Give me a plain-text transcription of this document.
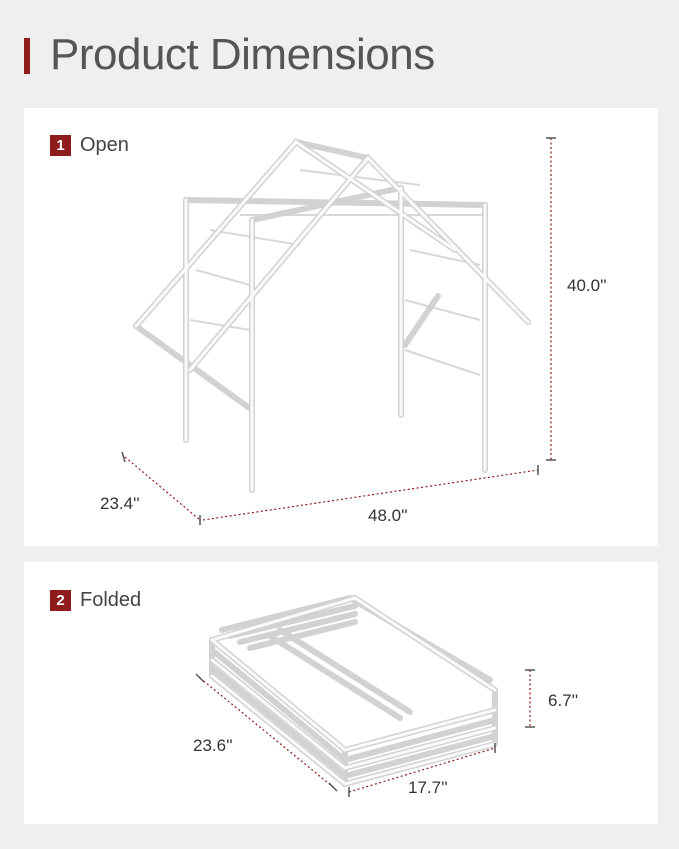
Product Dimensions
1 Open
2 Folded
40.0''
23.4''
48.0''
6.7''
23.6''
17.7''
